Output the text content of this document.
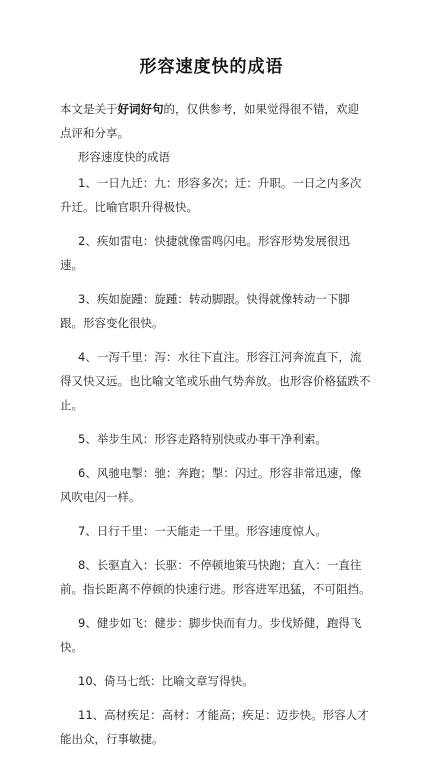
形容速度快的成语
本文是关于好词好句的，仅供参考，如果觉得很不错，欢迎点评和分享。
形容速度快的成语

1、一日九迁：九：形容多次；迁：升职。一日之内多次升迁。比喻官职升得极快。

2、疾如雷电：快捷就像雷鸣闪电。形容形势发展很迅速。

3、疾如旋踵：旋踵：转动脚跟。快得就像转动一下脚跟。形容变化很快。

4、一泻千里：泻：水往下直注。形容江河奔流直下，流得又快又远。也比喻文笔或乐曲气势奔放。也形容价格猛跌不止。

5、举步生风：形容走路特别快或办事干净利索。

6、风驰电掣：驰：奔跑；掣：闪过。形容非常迅速，像风吹电闪一样。

7、日行千里：一天能走一千里。形容速度惊人。

8、长驱直入：长驱：不停顿地策马快跑；直入：一直往前。指长距离不停顿的快速行进。形容进军迅猛，不可阻挡。

9、健步如飞：健步：脚步快而有力。步伐矫健，跑得飞快。

10、倚马七纸：比喻文章写得快。

11、高材疾足：高材：才能高；疾足：迈步快。形容人才能出众，行事敏捷。
